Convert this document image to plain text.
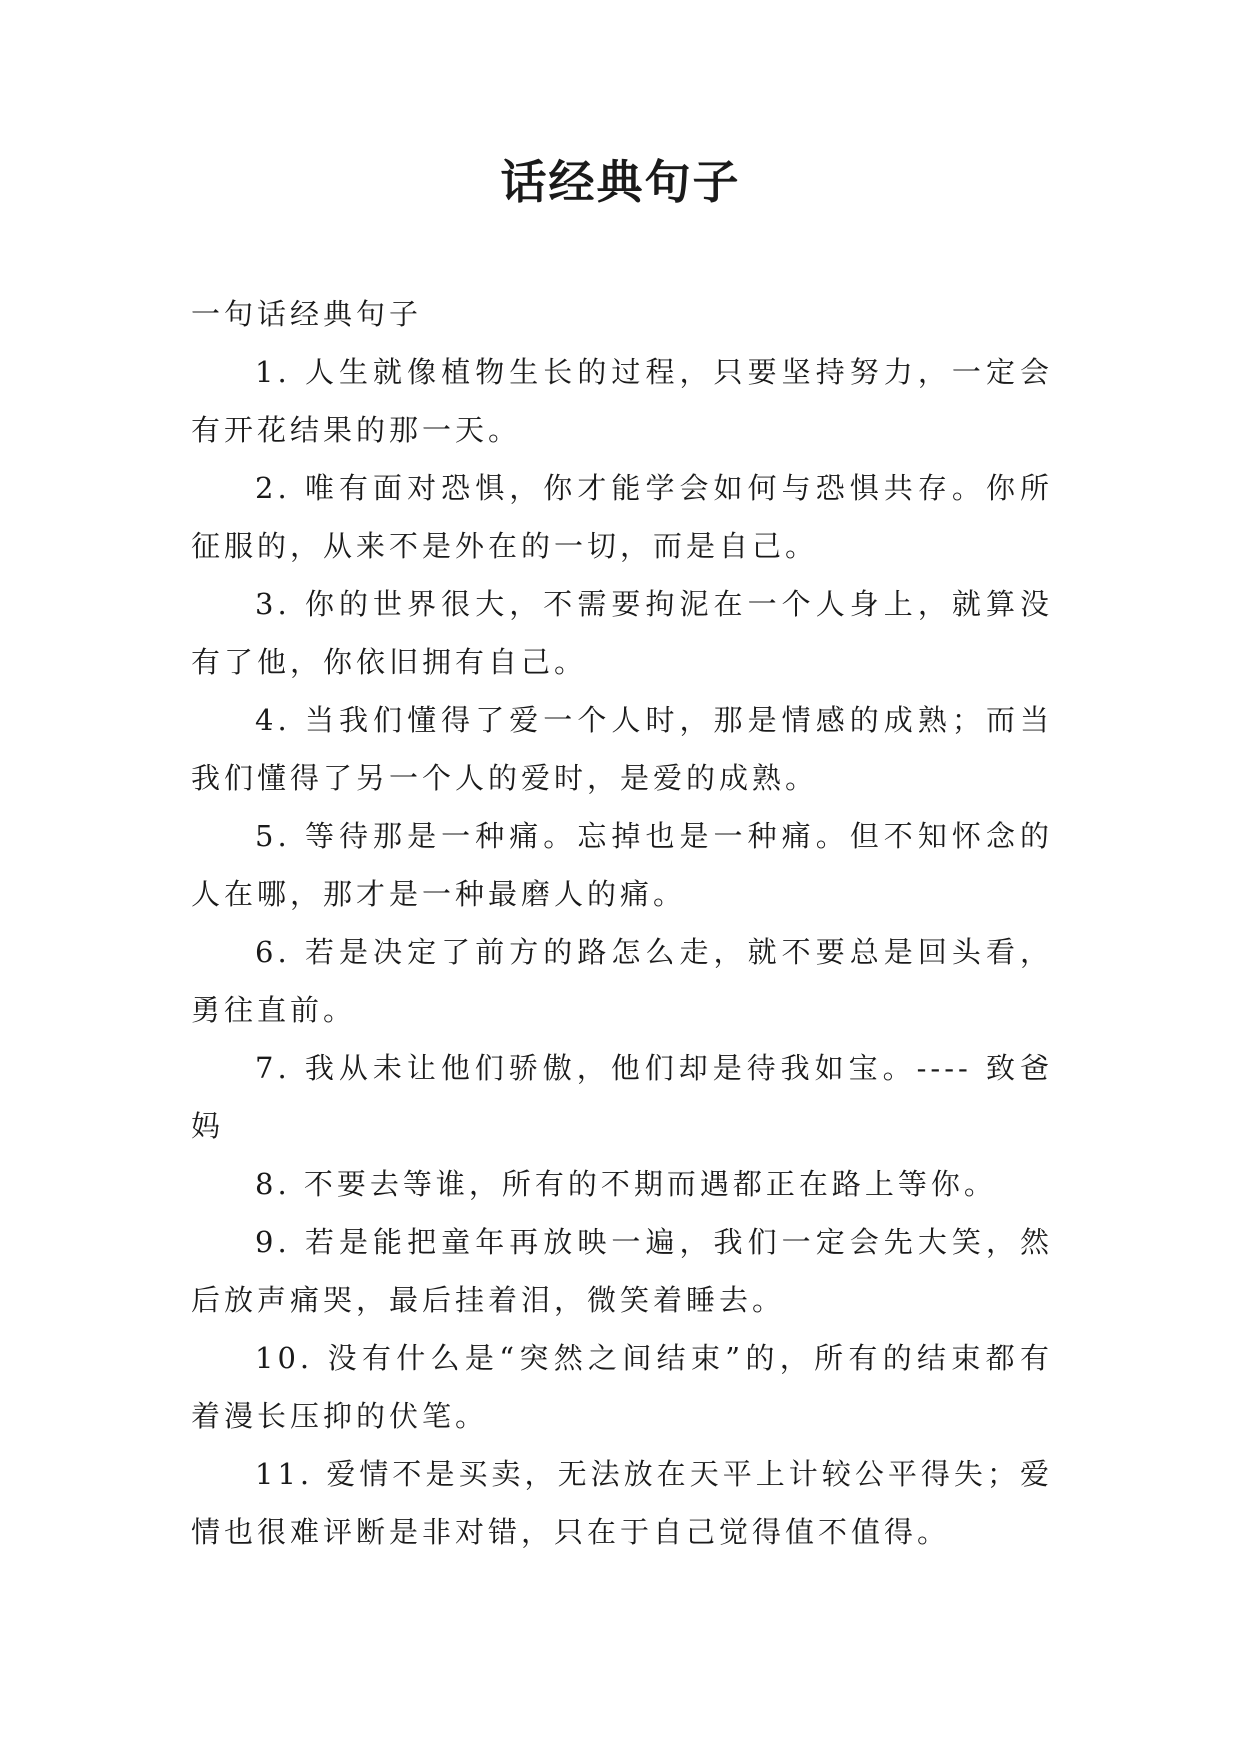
话经典句子

一句话经典句子

1. 人生就像植物生长的过程，只要坚持努力，一定会有开花结果的那一天。

2. 唯有面对恐惧，你才能学会如何与恐惧共存。你所征服的，从来不是外在的一切，而是自己。

3. 你的世界很大，不需要拘泥在一个人身上，就算没有了他，你依旧拥有自己。

4. 当我们懂得了爱一个人时，那是情感的成熟；而当我们懂得了另一个人的爱时，是爱的成熟。

5. 等待那是一种痛。忘掉也是一种痛。但不知怀念的人在哪，那才是一种最磨人的痛。

6. 若是决定了前方的路怎么走，就不要总是回头看，勇往直前。

7. 我从未让他们骄傲，他们却是待我如宝。---- 致爸妈

8. 不要去等谁，所有的不期而遇都正在路上等你。

9. 若是能把童年再放映一遍，我们一定会先大笑，然后放声痛哭，最后挂着泪，微笑着睡去。

10. 没有什么是“突然之间结束”的，所有的结束都有着漫长压抑的伏笔。

11. 爱情不是买卖，无法放在天平上计较公平得失；爱情也很难评断是非对错，只在于自己觉得值不值得。
